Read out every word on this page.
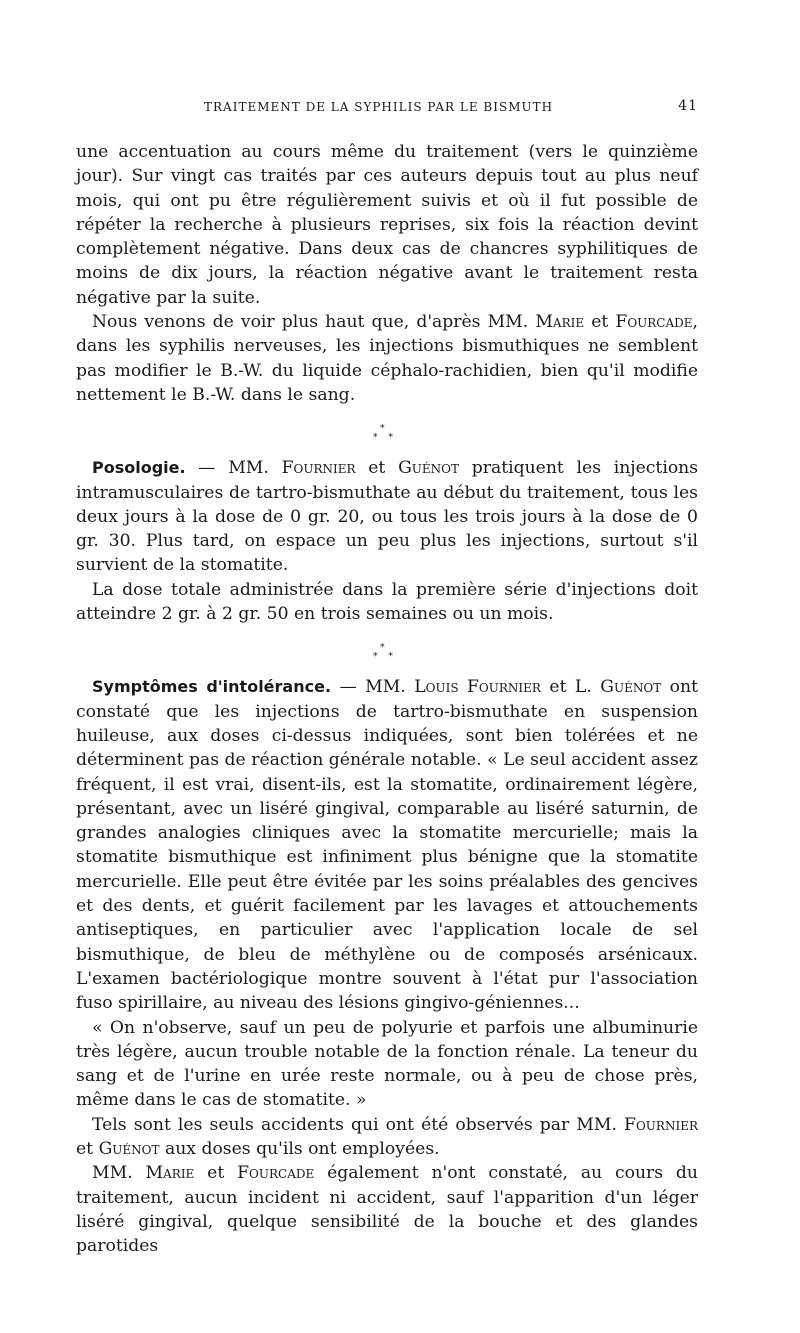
TRAITEMENT DE LA SYPHILIS PAR LE BISMUTH	41

une accentuation au cours même du traitement (vers le quinzième jour). Sur vingt cas traités par ces auteurs depuis tout au plus neuf mois, qui ont pu être régulièrement suivis et où il fut possible de répéter la recherche à plusieurs reprises, six fois la réaction devint complètement négative. Dans deux cas de chancres syphilitiques de moins de dix jours, la réaction négative avant le traitement resta négative par la suite.

Nous venons de voir plus haut que, d'après MM. Marie et Fourcade, dans les syphilis nerveuses, les injections bismuthiques ne semblent pas modifier le B.-W. du liquide céphalo-rachidien, bien qu'il modifie nettement le B.-W. dans le sang.

*
* *

Posologie. — MM. Fournier et Guénot pratiquent les injections intramusculaires de tartro-bismuthate au début du traitement, tous les deux jours à la dose de 0 gr. 20, ou tous les trois jours à la dose de 0 gr. 30. Plus tard, on espace un peu plus les injections, surtout s'il survient de la stomatite.

La dose totale administrée dans la première série d'injections doit atteindre 2 gr. à 2 gr. 50 en trois semaines ou un mois.

*
* *

Symptômes d'intolérance. — MM. Louis Fournier et L. Guénot ont constaté que les injections de tartro-bismuthate en suspension huileuse, aux doses ci-dessus indiquées, sont bien tolérées et ne déterminent pas de réaction générale notable. « Le seul accident assez fréquent, il est vrai, disent-ils, est la stomatite, ordinairement légère, présentant, avec un liséré gingival, comparable au liséré saturnin, de grandes analogies cliniques avec la stomatite mercurielle; mais la stomatite bismuthique est infiniment plus bénigne que la stomatite mercurielle. Elle peut être évitée par les soins préalables des gencives et des dents, et guérit facilement par les lavages et attouchements antiseptiques, en particulier avec l'application locale de sel bismuthique, de bleu de méthylène ou de composés arsénicaux. L'examen bactériologique montre souvent à l'état pur l'association fuso spirillaire, au niveau des lésions gingivo-géniennes...

« On n'observe, sauf un peu de polyurie et parfois une albuminurie très légère, aucun trouble notable de la fonction rénale. La teneur du sang et de l'urine en urée reste normale, ou à peu de chose près, même dans le cas de stomatite. »

Tels sont les seuls accidents qui ont été observés par MM. Fournier et Guénot aux doses qu'ils ont employées.

MM. Marie et Fourcade également n'ont constaté, au cours du traitement, aucun incident ni accident, sauf l'apparition d'un léger liséré gingival, quelque sensibilité de la bouche et des glandes parotides
